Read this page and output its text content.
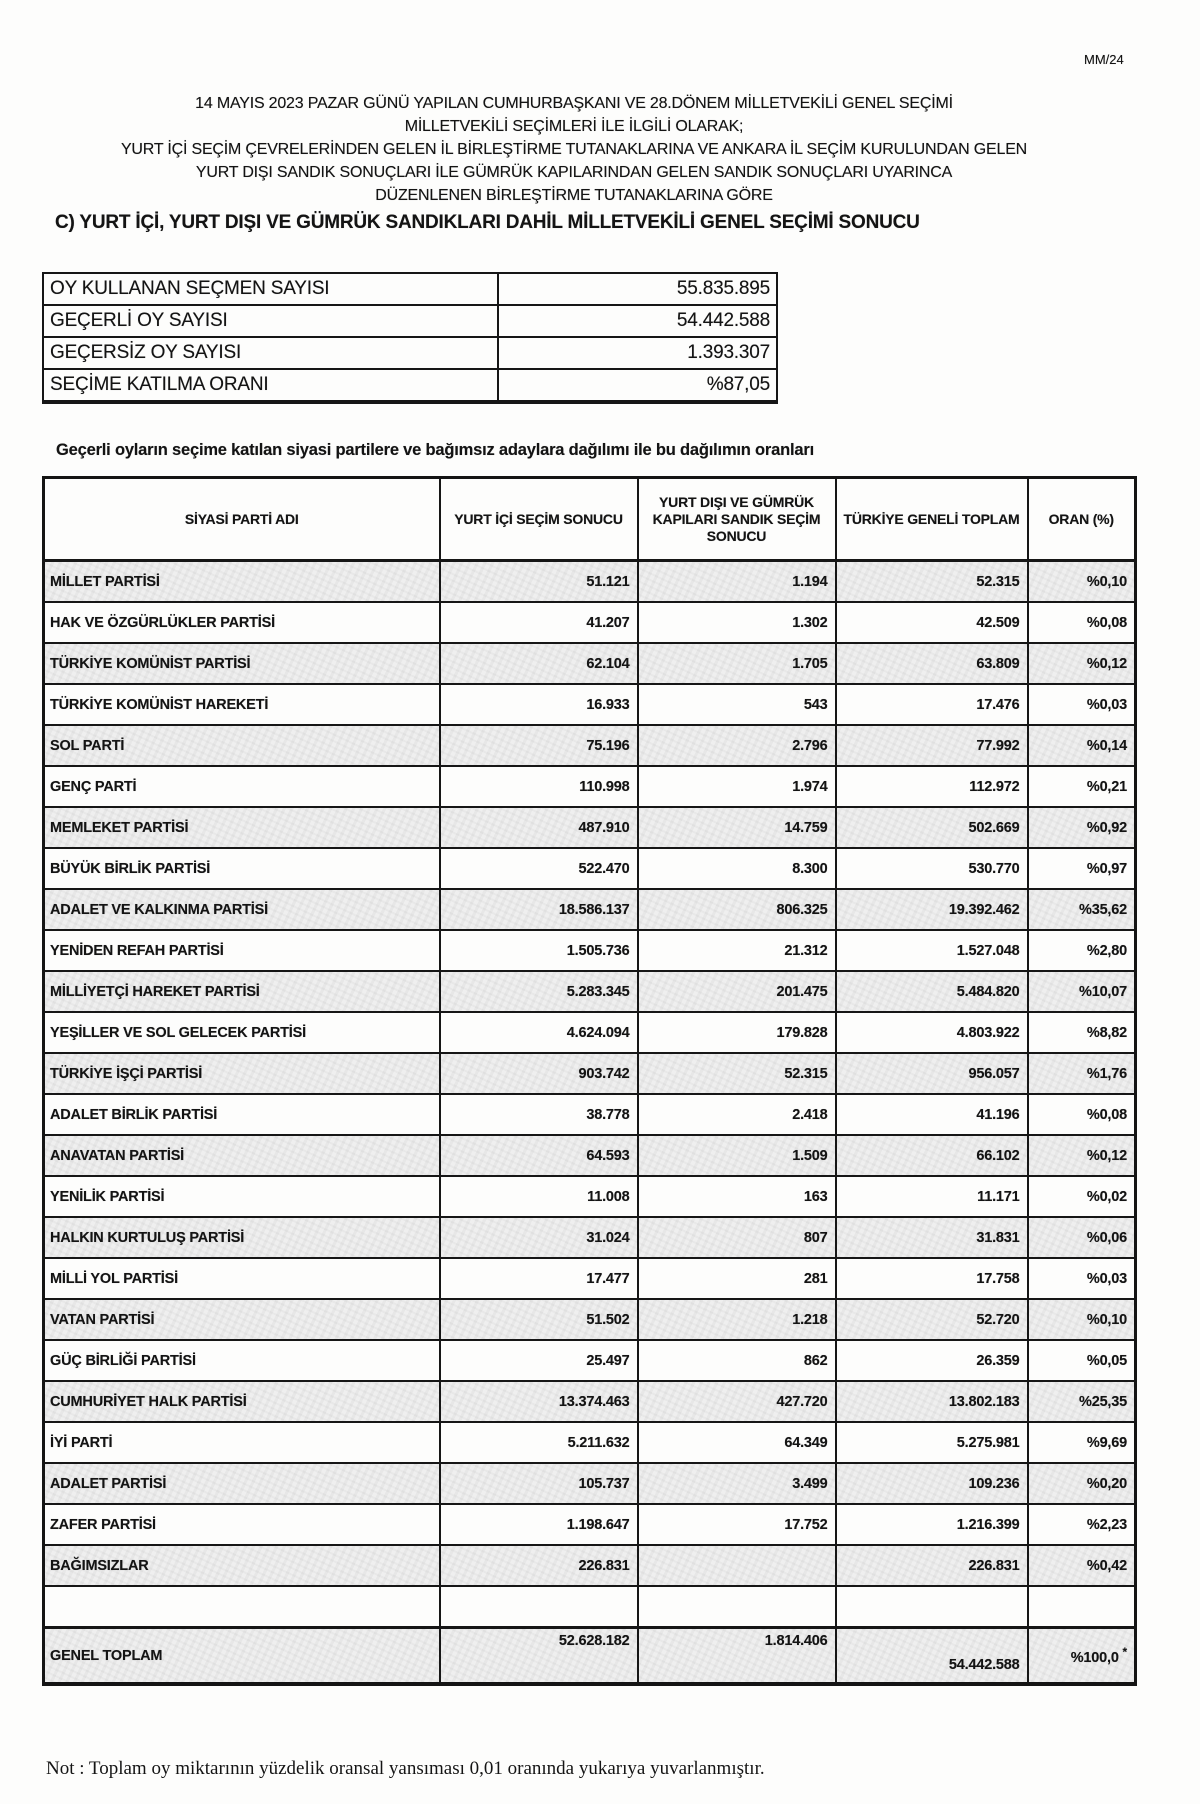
MM/24
14 MAYIS 2023 PAZAR GÜNÜ YAPILAN CUMHURBAŞKANI VE 28.DÖNEM MİLLETVEKİLİ GENEL SEÇİMİ
MİLLETVEKİLİ SEÇİMLERİ İLE İLGİLİ OLARAK;
YURT İÇİ SEÇİM ÇEVRELERİNDEN GELEN İL BİRLEŞTİRME TUTANAKLARINA VE ANKARA İL SEÇİM KURULUNDAN GELEN
YURT DIŞI SANDIK SONUÇLARI İLE GÜMRÜK KAPILARINDAN GELEN SANDIK SONUÇLARI UYARINCA
DÜZENLENEN BİRLEŞTİRME TUTANAKLARINA GÖRE
C) YURT İÇİ, YURT DIŞI VE GÜMRÜK SANDIKLARI DAHİL MİLLETVEKİLİ GENEL SEÇİMİ SONUCU
OY KULLANAN SEÇMEN SAYISI	55.835.895
GEÇERLİ OY SAYISI	54.442.588
GEÇERSİZ OY SAYISI	1.393.307
SEÇİME KATILMA ORANI	%87,05
Geçerli oyların seçime katılan siyasi partilere ve bağımsız adaylara dağılımı ile bu dağılımın oranları
SİYASİ PARTİ ADI	YURT İÇİ SEÇİM SONUCU	YURT DIŞI VE GÜMRÜK KAPILARI SANDIK SEÇİM SONUCU	TÜRKİYE GENELİ TOPLAM	ORAN (%)
MİLLET PARTİSİ	51.121	1.194	52.315	%0,10
HAK VE ÖZGÜRLÜKLER PARTİSİ	41.207	1.302	42.509	%0,08
TÜRKİYE KOMÜNİST PARTİSİ	62.104	1.705	63.809	%0,12
TÜRKİYE KOMÜNİST HAREKETİ	16.933	543	17.476	%0,03
SOL PARTİ	75.196	2.796	77.992	%0,14
GENÇ PARTİ	110.998	1.974	112.972	%0,21
MEMLEKET PARTİSİ	487.910	14.759	502.669	%0,92
BÜYÜK BİRLİK PARTİSİ	522.470	8.300	530.770	%0,97
ADALET VE KALKINMA PARTİSİ	18.586.137	806.325	19.392.462	%35,62
YENİDEN REFAH PARTİSİ	1.505.736	21.312	1.527.048	%2,80
MİLLİYETÇİ HAREKET PARTİSİ	5.283.345	201.475	5.484.820	%10,07
YEŞİLLER VE SOL GELECEK PARTİSİ	4.624.094	179.828	4.803.922	%8,82
TÜRKİYE İŞÇİ PARTİSİ	903.742	52.315	956.057	%1,76
ADALET BİRLİK PARTİSİ	38.778	2.418	41.196	%0,08
ANAVATAN PARTİSİ	64.593	1.509	66.102	%0,12
YENİLİK PARTİSİ	11.008	163	11.171	%0,02
HALKIN KURTULUŞ PARTİSİ	31.024	807	31.831	%0,06
MİLLİ YOL PARTİSİ	17.477	281	17.758	%0,03
VATAN PARTİSİ	51.502	1.218	52.720	%0,10
GÜÇ BİRLİĞİ PARTİSİ	25.497	862	26.359	%0,05
CUMHURİYET HALK PARTİSİ	13.374.463	427.720	13.802.183	%25,35
İYİ PARTİ	5.211.632	64.349	5.275.981	%9,69
ADALET PARTİSİ	105.737	3.499	109.236	%0,20
ZAFER PARTİSİ	1.198.647	17.752	1.216.399	%2,23
BAĞIMSIZLAR	226.831		226.831	%0,42

GENEL TOPLAM	52.628.182	1.814.406	54.442.588	%100,0 *
Not : Toplam oy miktarının yüzdelik oransal yansıması 0,01 oranında yukarıya yuvarlanmıştır.
